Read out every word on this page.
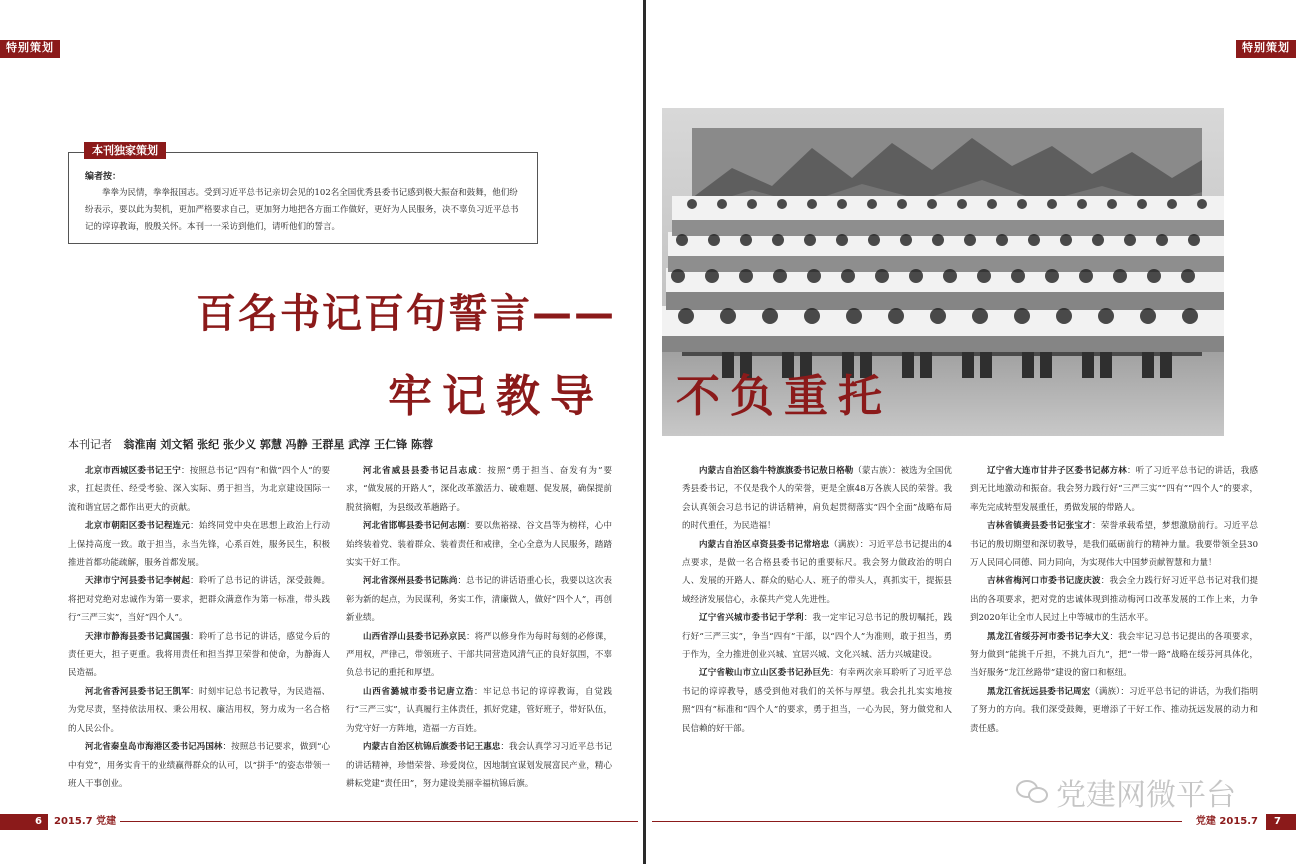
特别策划
编者按：
拳拳为民情，拳拳报国志。受到习近平总书记亲切会见的102名全国优秀县委书记感到极大振奋和鼓舞，他们纷纷表示，要以此为契机，更加严格要求自己，更加努力地把各方面工作做好，更好为人民服务，决不辜负习近平总书记的谆谆教诲，殷殷关怀。本刊一一采访到他们，请听他们的誓言。
本刊独家策划
百名书记百句誓言——
牢记教导
本刊记者 翁淮南 刘文韬 张纪 张少义 郭慧 冯静 王群星 武淳 王仁锋 陈蓉

北京市西城区委书记王宁：按照总书记“四有”和做“四个人”的要求，扛起责任、经受考验、深入实际、勇于担当，为北京建设国际一流和谐宜居之都作出更大的贡献。

北京市朝阳区委书记程连元：始终同党中央在思想上政治上行动上保持高度一致。敢于担当，永当先锋，心系百姓，服务民生，积极推进首都功能疏解，服务首都发展。

天津市宁河县委书记李树起：聆听了总书记的讲话，深受鼓舞。将把对党绝对忠诚作为第一要求，把群众满意作为第一标准，带头践行“三严三实”，当好“四个人”。

天津市静海县委书记冀国强：聆听了总书记的讲话，感觉今后的责任更大，担子更重。我将用责任和担当捍卫荣誉和使命，为静海人民造福。

河北省香河县委书记王凯军：时刻牢记总书记教导，为民造福、为党尽责，坚持依法用权、秉公用权、廉洁用权，努力成为一名合格的人民公仆。

河北省秦皇岛市海港区委书记冯国林：按照总书记要求，做到“心中有党”，用务实肯干的业绩赢得群众的认可，以“拼手”的姿态带领一班人干事创业。

河北省威县县委书记吕志成：按照“勇于担当、奋发有为”要求，“做发展的开路人”，深化改革激活力、破难题、促发展，确保提前脱贫摘帽，为县级改革趟路子。

河北省邯郸县委书记何志刚：要以焦裕禄、谷文昌等为榜样，心中始终装着党、装着群众、装着责任和戒律，全心全意为人民服务，踏踏实实干好工作。

河北省深州县委书记陈尚：总书记的讲话语重心长，我要以这次表彰为新的起点，为民谋利，务实工作，清廉做人，做好“四个人”，再创新业绩。

山西省浮山县委书记孙京民：将严以修身作为每时每刻的必修课，严用权，严律己，带领班子、干部共同营造风清气正的良好氛围，不辜负总书记的重托和厚望。

山西省潞城市委书记唐立浩：牢记总书记的谆谆教诲，自觉践行“三严三实”，认真履行主体责任，抓好党建，管好班子，带好队伍，为党守好一方阵地，造福一方百姓。

内蒙古自治区杭锦后旗委书记王惠忠：我会认真学习习近平总书记的讲话精神，珍惜荣誉、珍爱岗位，因地制宜谋划发展富民产业，精心耕耘党建“责任田”，努力建设美丽幸福杭锦后旗。

6	2015.7 党建
特别策划
不负重托

内蒙古自治区翁牛特旗旗委书记敖日格勒（蒙古族）：被选为全国优秀县委书记，不仅是我个人的荣誉，更是全旗48万各族人民的荣誉。我会认真领会习总书记的讲话精神，肩负起贯彻落实“四个全面”战略布局的时代重任，为民造福！

内蒙古自治区卓资县委书记常培忠（满族）：习近平总书记提出的4点要求，是做一名合格县委书记的重要标尺。我会努力做政治的明白人、发展的开路人、群众的贴心人、班子的带头人，真抓实干，提振县域经济发展信心，永葆共产党人先进性。

辽宁省兴城市委书记于学利：我一定牢记习总书记的殷切嘱托，践行好“三严三实”，争当“四有”干部，以“四个人”为准则，敢于担当，勇于作为，全力推进创业兴城、宜居兴城、文化兴城、活力兴城建设。

辽宁省鞍山市立山区委书记孙巨先：有幸两次亲耳聆听了习近平总书记的谆谆教导，感受到他对我们的关怀与厚望。我会扎扎实实地按照“四有”标准和“四个人”的要求，勇于担当，一心为民，努力做党和人民信赖的好干部。

辽宁省大连市甘井子区委书记郝方林：听了习近平总书记的讲话，我感到无比地激动和振奋。我会努力践行好“三严三实”“四有”“四个人”的要求，率先完成转型发展重任，勇做发展的带路人。

吉林省镇赉县委书记张宝才：荣誉承载希望，梦想激励前行。习近平总书记的殷切期望和深切教导，是我们砥砺前行的精神力量。我要带领全县30万人民同心同德、同力同向，为实现伟大中国梦贡献智慧和力量！

吉林省梅河口市委书记庞庆波：我会全力践行好习近平总书记对我们提出的各项要求，把对党的忠诚体现到推动梅河口改革发展的工作上来，力争到2020年让全市人民过上中等城市的生活水平。

黑龙江省绥芬河市委书记李大义：我会牢记习总书记提出的各项要求，努力做到“能挑千斤担，不挑九百九”，把“一带一路”战略在绥芬河具体化，当好服务“龙江丝路带”建设的窗口和枢纽。

黑龙江省抚远县委书记周宏（满族）：习近平总书记的讲话，为我们指明了努力的方向。我们深受鼓舞，更增添了干好工作、推动抚远发展的动力和责任感。

党建 2015.7	7
党建网微平台
